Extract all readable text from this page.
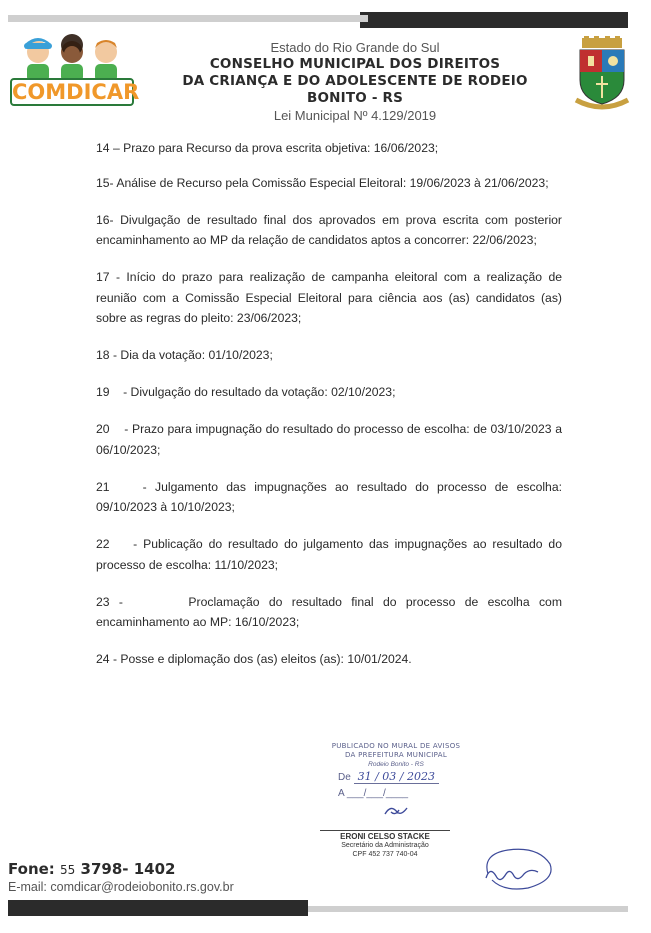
COMDICAR

Estado do Rio Grande do Sul

CONSELHO MUNICIPAL DOS DIREITOS

DA CRIANÇA E DO ADOLESCENTE DE RODEIO BONITO - RS

Lei Municipal Nº 4.129/2019

14 – Prazo para Recurso da prova escrita objetiva: 16/06/2023;

15- Análise de Recurso pela Comissão Especial Eleitoral: 19/06/2023 à 21/06/2023;

16- Divulgação de resultado final dos aprovados em prova escrita com posterior encaminhamento ao MP da relação de candidatos aptos a concorrer: 22/06/2023;

17 - Início do prazo para realização de campanha eleitoral com a realização de reunião com a Comissão Especial Eleitoral para ciência aos (as) candidatos (as) sobre as regras do pleito: 23/06/2023;

18 - Dia da votação: 01/10/2023;

19    - Divulgação do resultado da votação: 02/10/2023;

20    - Prazo para impugnação do resultado do processo de escolha: de 03/10/2023 a 06/10/2023;

21    - Julgamento das impugnações ao resultado do processo de escolha: 09/10/2023 à 10/10/2023;

22    - Publicação do resultado do julgamento das impugnações ao resultado do processo de escolha: 11/10/2023;

23 -       Proclamação do resultado final do processo de escolha com encaminhamento ao MP: 16/10/2023;

24 - Posse e diplomação dos (as) eleitos (as): 10/01/2024.

PUBLICADO NO MURAL DE AVISOS
DA PREFEITURA MUNICIPAL
Rodeio Bonito - RS
De 31 / 03 / 2023
A ___/___/____
ERONI CELSO STACKE
Secretário da Administração
CPF 452 737 740-04

Fone: 55 3798- 1402

E-mail: comdicar@rodeiobonito.rs.gov.br
